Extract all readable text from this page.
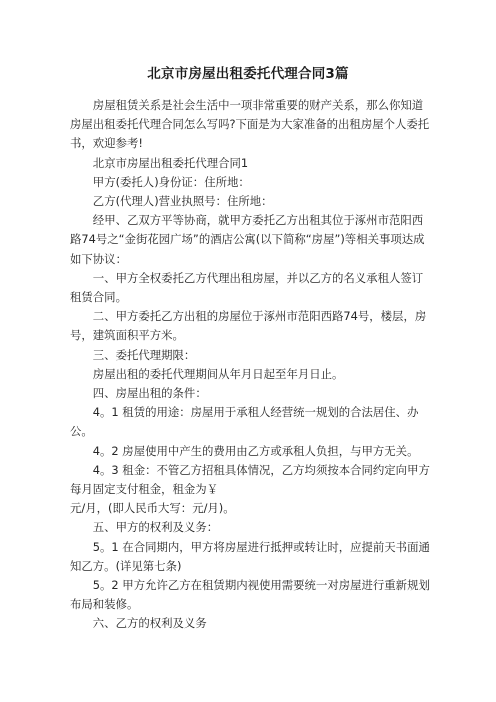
北京市房屋出租委托代理合同3篇

房屋租赁关系是社会生活中一项非常重要的财产关系，那么你知道房屋出租委托代理合同怎么写吗?下面是为大家准备的出租房屋个人委托书，欢迎参考!

北京市房屋出租委托代理合同1

甲方(委托人)身份证：住所地：

乙方(代理人)营业执照号：住所地：

经甲、乙双方平等协商，就甲方委托乙方出租其位于涿州市范阳西路74号之“金街花园广场”的酒店公寓(以下简称“房屋”)等相关事项达成如下协议：

一、甲方全权委托乙方代理出租房屋，并以乙方的名义承租人签订租赁合同。

二、甲方委托乙方出租的房屋位于涿州市范阳西路74号，楼层，房号，建筑面积平方米。

三、委托代理期限：

房屋出租的委托代理期间从年月日起至年月日止。

四、房屋出租的条件：

4。1 租赁的用途：房屋用于承租人经营统一规划的合法居住、办公。

4。2 房屋使用中产生的费用由乙方或承租人负担，与甲方无关。

4。3 租金：不管乙方招租具体情况，乙方均须按本合同约定向甲方每月固定支付租金，租金为￥

元/月，(即人民币大写：元/月)。

五、甲方的权利及义务：

5。1 在合同期内，甲方将房屋进行抵押或转让时，应提前天书面通知乙方。(详见第七条)

5。2 甲方允许乙方在租赁期内视使用需要统一对房屋进行重新规划布局和装修。

六、乙方的权利及义务
